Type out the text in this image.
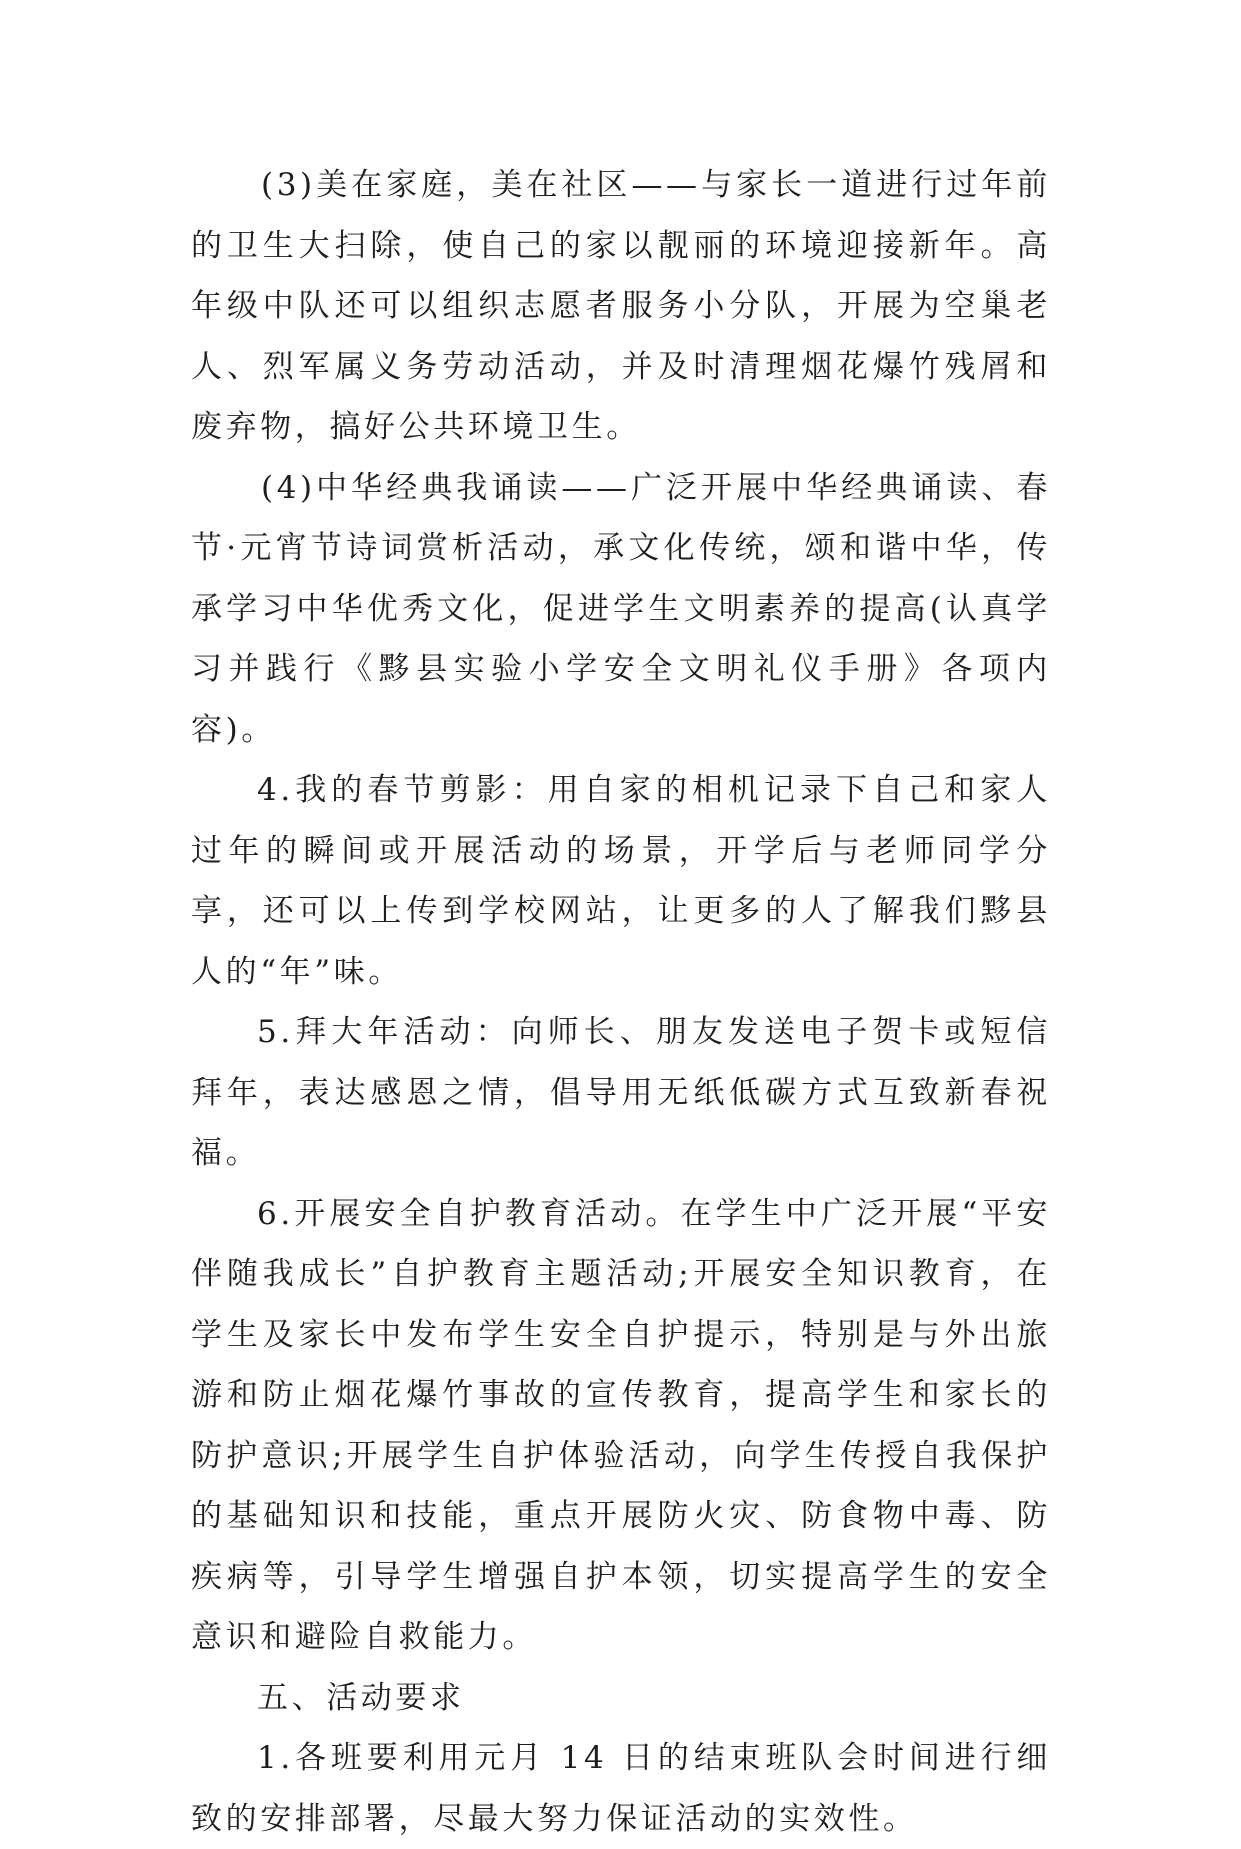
(3)美在家庭，美在社区——与家长一道进行过年前的卫生大扫除，使自己的家以靓丽的环境迎接新年。高年级中队还可以组织志愿者服务小分队，开展为空巢老人、烈军属义务劳动活动，并及时清理烟花爆竹残屑和废弃物，搞好公共环境卫生。

(4)中华经典我诵读——广泛开展中华经典诵读、春节·元宵节诗词赏析活动，承文化传统，颂和谐中华，传承学习中华优秀文化，促进学生文明素养的提高(认真学习并践行《黟县实验小学安全文明礼仪手册》各项内容)。

4.我的春节剪影：用自家的相机记录下自己和家人过年的瞬间或开展活动的场景，开学后与老师同学分享，还可以上传到学校网站，让更多的人了解我们黟县人的“年”味。

5.拜大年活动：向师长、朋友发送电子贺卡或短信拜年，表达感恩之情，倡导用无纸低碳方式互致新春祝福。

6.开展安全自护教育活动。在学生中广泛开展“平安伴随我成长”自护教育主题活动;开展安全知识教育，在学生及家长中发布学生安全自护提示，特别是与外出旅游和防止烟花爆竹事故的宣传教育，提高学生和家长的防护意识;开展学生自护体验活动，向学生传授自我保护的基础知识和技能，重点开展防火灾、防食物中毒、防疾病等，引导学生增强自护本领，切实提高学生的安全意识和避险自救能力。

五、活动要求

1.各班要利用元月 14 日的结束班队会时间进行细致的安排部署，尽最大努力保证活动的实效性。
